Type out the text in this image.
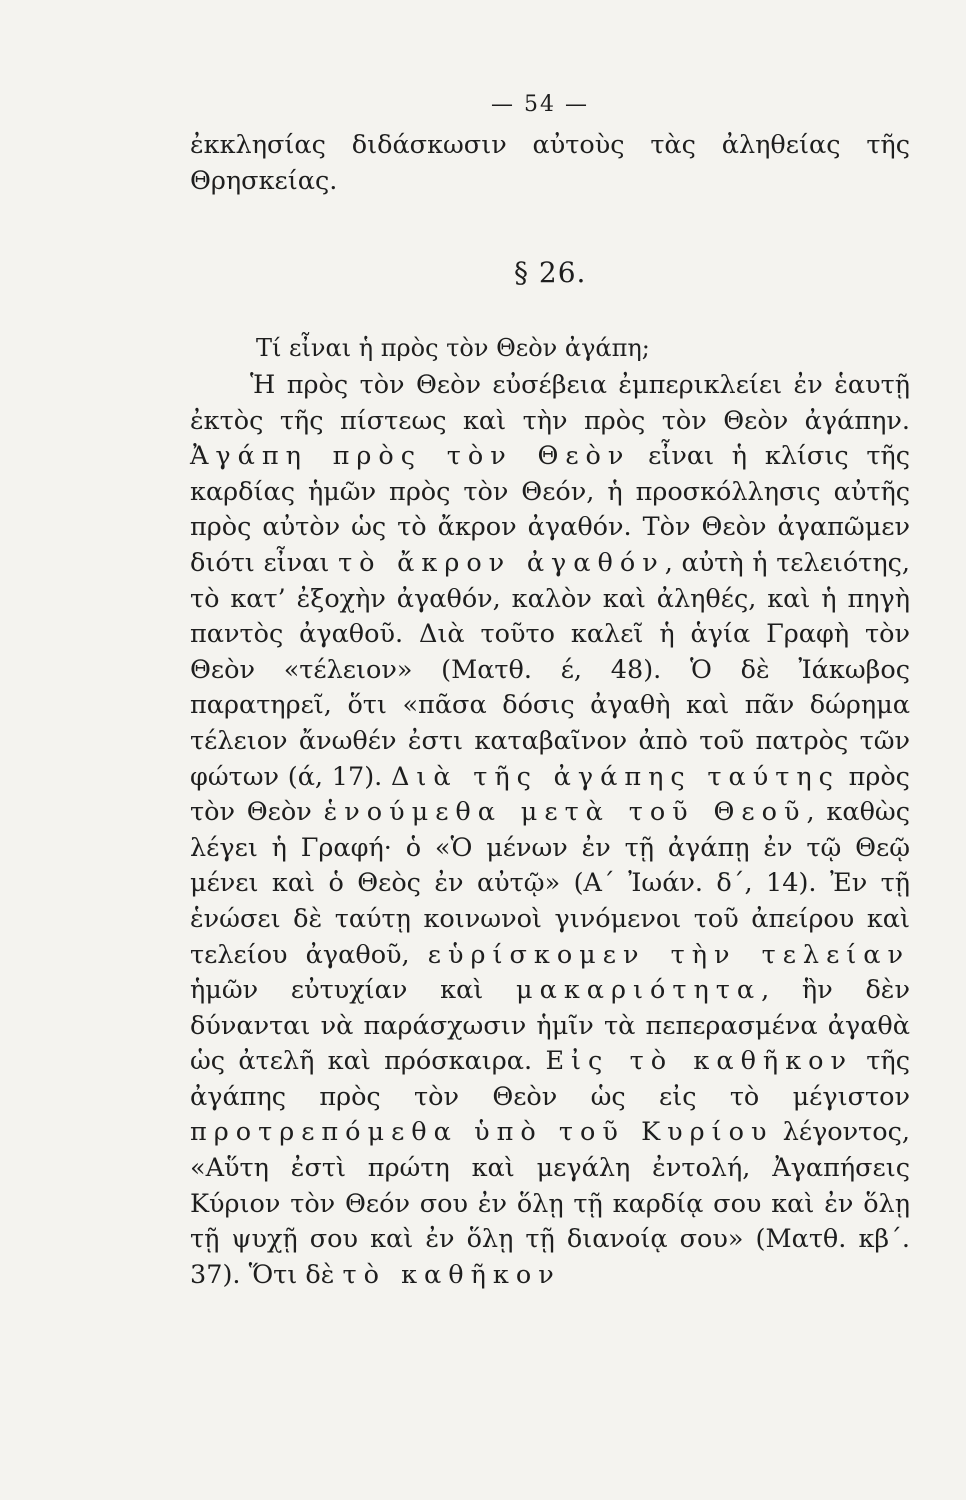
— 54 —
ἐκκλησίας διδάσκωσιν αὐτοὺς τὰς ἀληθείας τῆς Θρησκείας.
§ 26.
Τί εἶναι ἡ πρὸς τὸν Θεὸν ἀγάπη;

Ἡ πρὸς τὸν Θεὸν εὐσέβεια ἐμπερικλείει ἐν ἑαυτῇ ἐκτὸς τῆς πίστεως καὶ τὴν πρὸς τὸν Θεὸν ἀγάπην. Ἀγάπη πρὸς τὸν Θεὸν εἶναι ἡ κλίσις τῆς καρδίας ἡμῶν πρὸς τὸν Θεόν, ἡ προσκόλλησις αὐτῆς πρὸς αὐτὸν ὡς τὸ ἄκρον ἀγαθόν. Τὸν Θεὸν ἀγαπῶμεν διότι εἶναι τὸ ἄκρον ἀγαθόν, αὐτὴ ἡ τελειότης, τὸ κατ’ ἐξοχὴν ἀγαθόν, καλὸν καὶ ἀληθές, καὶ ἡ πηγὴ παντὸς ἀγαθοῦ. Διὰ τοῦτο καλεῖ ἡ ἁγία Γραφὴ τὸν Θεὸν «τέλειον» (Ματθ. έ, 48). Ὁ δὲ Ἰάκωβος παρατηρεῖ, ὅτι «πᾶσα δόσις ἀγαθὴ καὶ πᾶν δώρημα τέλειον ἄνωθέν ἐστι καταβαῖνον ἀπὸ τοῦ πατρὸς τῶν φώτων (ά, 17). Διὰ τῆς ἀγάπης ταύτης πρὸς τὸν Θεὸν ἑνούμεθα μετὰ τοῦ Θεοῦ, καθὼς λέγει ἡ Γραφή· ὁ «Ὁ μένων ἐν τῇ ἀγάπῃ ἐν τῷ Θεῷ μένει καὶ ὁ Θεὸς ἐν αὐτῷ» (Α΄ Ἰωάν. δ΄, 14). Ἐν τῇ ἑνώσει δὲ ταύτῃ κοινωνοὶ γινόμενοι τοῦ ἀπείρου καὶ τελείου ἀγαθοῦ, εὑρίσκομεν τὴν τελείαν ἡμῶν εὐτυχίαν καὶ μακαριότητα, ἣν δὲν δύνανται νὰ παράσχωσιν ἡμῖν τὰ πεπερασμένα ἀγαθὰ ὡς ἀτελῆ καὶ πρόσκαιρα. Εἰς τὸ καθῆκον τῆς ἀγάπης πρὸς τὸν Θεὸν ὡς εἰς τὸ μέγιστον προτρεπόμεθα ὑπὸ τοῦ Κυρίου λέγοντος, «Αὕτη ἐστὶ πρώτη καὶ μεγάλη ἐντολή, Ἀγαπήσεις Κύριον τὸν Θεόν σου ἐν ὅλῃ τῇ καρδίᾳ σου καὶ ἐν ὅλῃ τῇ ψυχῇ σου καὶ ἐν ὅλῃ τῇ διανοίᾳ σου» (Ματθ. κβ΄. 37). Ὅτι δὲ τὸ καθῆκον
